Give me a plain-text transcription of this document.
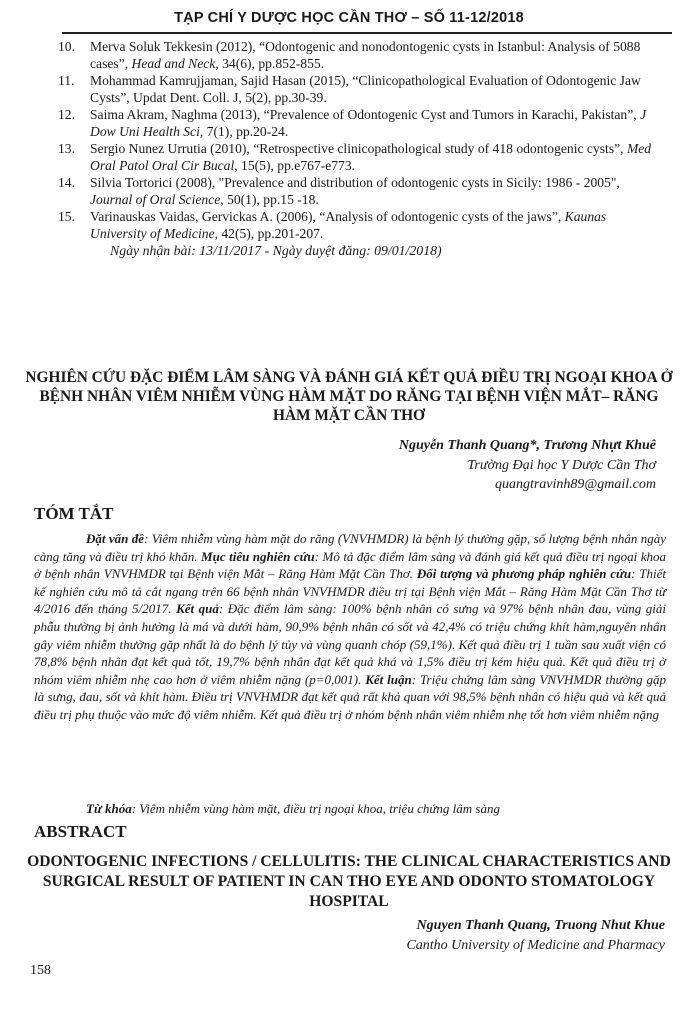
TẠP CHÍ Y DƯỢC HỌC CẦN THƠ – SỐ 11-12/2018
10. Merva Soluk Tekkesin (2012), “Odontogenic and nonodontogenic cysts in Istanbul: Analysis of 5088 cases”, Head and Neck, 34(6), pp.852-855.
11. Mohammad Kamrujjaman, Sajid Hasan (2015), “Clinicopathological Evaluation of Odontogenic Jaw Cysts”, Updat Dent. Coll. J, 5(2), pp.30-39.
12. Saima Akram, Naghma (2013), “Prevalence of Odontogenic Cyst and Tumors in Karachi, Pakistan”, J Dow Uni Health Sci, 7(1), pp.20-24.
13. Sergio Nunez Urrutia (2010), “Retrospective clinicopathological study of 418 odontogenic cysts”, Med Oral Patol Oral Cir Bucal, 15(5), pp.e767-e773.
14. Silvia Tortorici (2008), "Prevalence and distribution of odontogenic cysts in Sicily: 1986 - 2005", Journal of Oral Science, 50(1), pp.15 -18.
15. Varinauskas Vaidas, Gervickas A. (2006), “Analysis of odontogenic cysts of the jaws”, Kaunas University of Medicine, 42(5), pp.201-207.
Ngày nhận bài: 13/11/2017 - Ngày duyệt đăng: 09/01/2018)
NGHIÊN CỨU ĐẶC ĐIỂM LÂM SÀNG VÀ ĐÁNH GIÁ KẾT QUẢ ĐIỀU TRỊ NGOẠI KHOA Ở BỆNH NHÂN VIÊM NHIỄM VÙNG HÀM MẶT DO RĂNG TẠI BỆNH VIỆN MẮT– RĂNG HÀM MẶT CẦN THƠ
Nguyễn Thanh Quang*, Trương Nhựt Khuê
Trường Đại học Y Dược Cần Thơ
quangtravinh89@gmail.com
TÓM TẮT

Đặt vấn đề: Viêm nhiễm vùng hàm mặt do răng (VNVHMDR) là bệnh lý thường gặp, số lượng bệnh nhân ngày càng tăng và điều trị khó khăn. Mục tiêu nghiên cứu: Mô tả đặc điểm lâm sàng và đánh giá kết quả điều trị ngoại khoa ở bệnh nhân VNVHMDR tại Bệnh viện Mắt – Răng Hàm Mặt Cần Thơ. Đối tượng và phương pháp nghiên cứu: Thiết kế nghiên cứu mô tả cắt ngang trên 66 bệnh nhân VNVHMDR điều trị tại Bệnh viện Mắt – Răng Hàm Mặt Cần Thơ từ 4/2016 đến tháng 5/2017. Kết quả: Đặc điểm lâm sàng: 100% bệnh nhân có sưng và 97% bệnh nhân đau, vùng giải phẫu thường bị ảnh hưởng là má và dưới hàm, 90,9% bệnh nhân có sốt và 42,4% có triệu chứng khít hàm,nguyên nhân gây viêm nhiễm thường gặp nhất là do bệnh lý tủy và vùng quanh chóp (59,1%). Kết quả điều trị 1 tuần sau xuất viện có 78,8% bệnh nhân đạt kết quả tốt, 19,7% bệnh nhân đạt kết quả khá và 1,5% điều trị kém hiệu quả. Kết quả điều trị ở nhóm viêm nhiễm nhẹ cao hơn ở viêm nhiễm nặng (p=0,001). Kết luận: Triệu chứng lâm sàng VNVHMDR thường gặp là sưng, đau, sốt và khít hàm. Điều trị VNVHMDR đạt kết quả rất khả quan với 98,5% bệnh nhân có hiệu quả và kết quả điều trị phụ thuộc vào mức độ viêm nhiễm. Kết quả điều trị ở nhóm bệnh nhân viêm nhiễm nhẹ tốt hơn viêm nhiễm nặng

Từ khóa: Viêm nhiễm vùng hàm mặt, điều trị ngoại khoa, triệu chứng lâm sàng

ABSTRACT
ODONTOGENIC INFECTIONS / CELLULITIS: THE CLINICAL CHARACTERISTICS AND SURGICAL RESULT OF PATIENT IN CAN THO EYE AND ODONTO STOMATOLOGY HOSPITAL
Nguyen Thanh Quang, Truong Nhut Khue
Cantho University of Medicine and Pharmacy
158
